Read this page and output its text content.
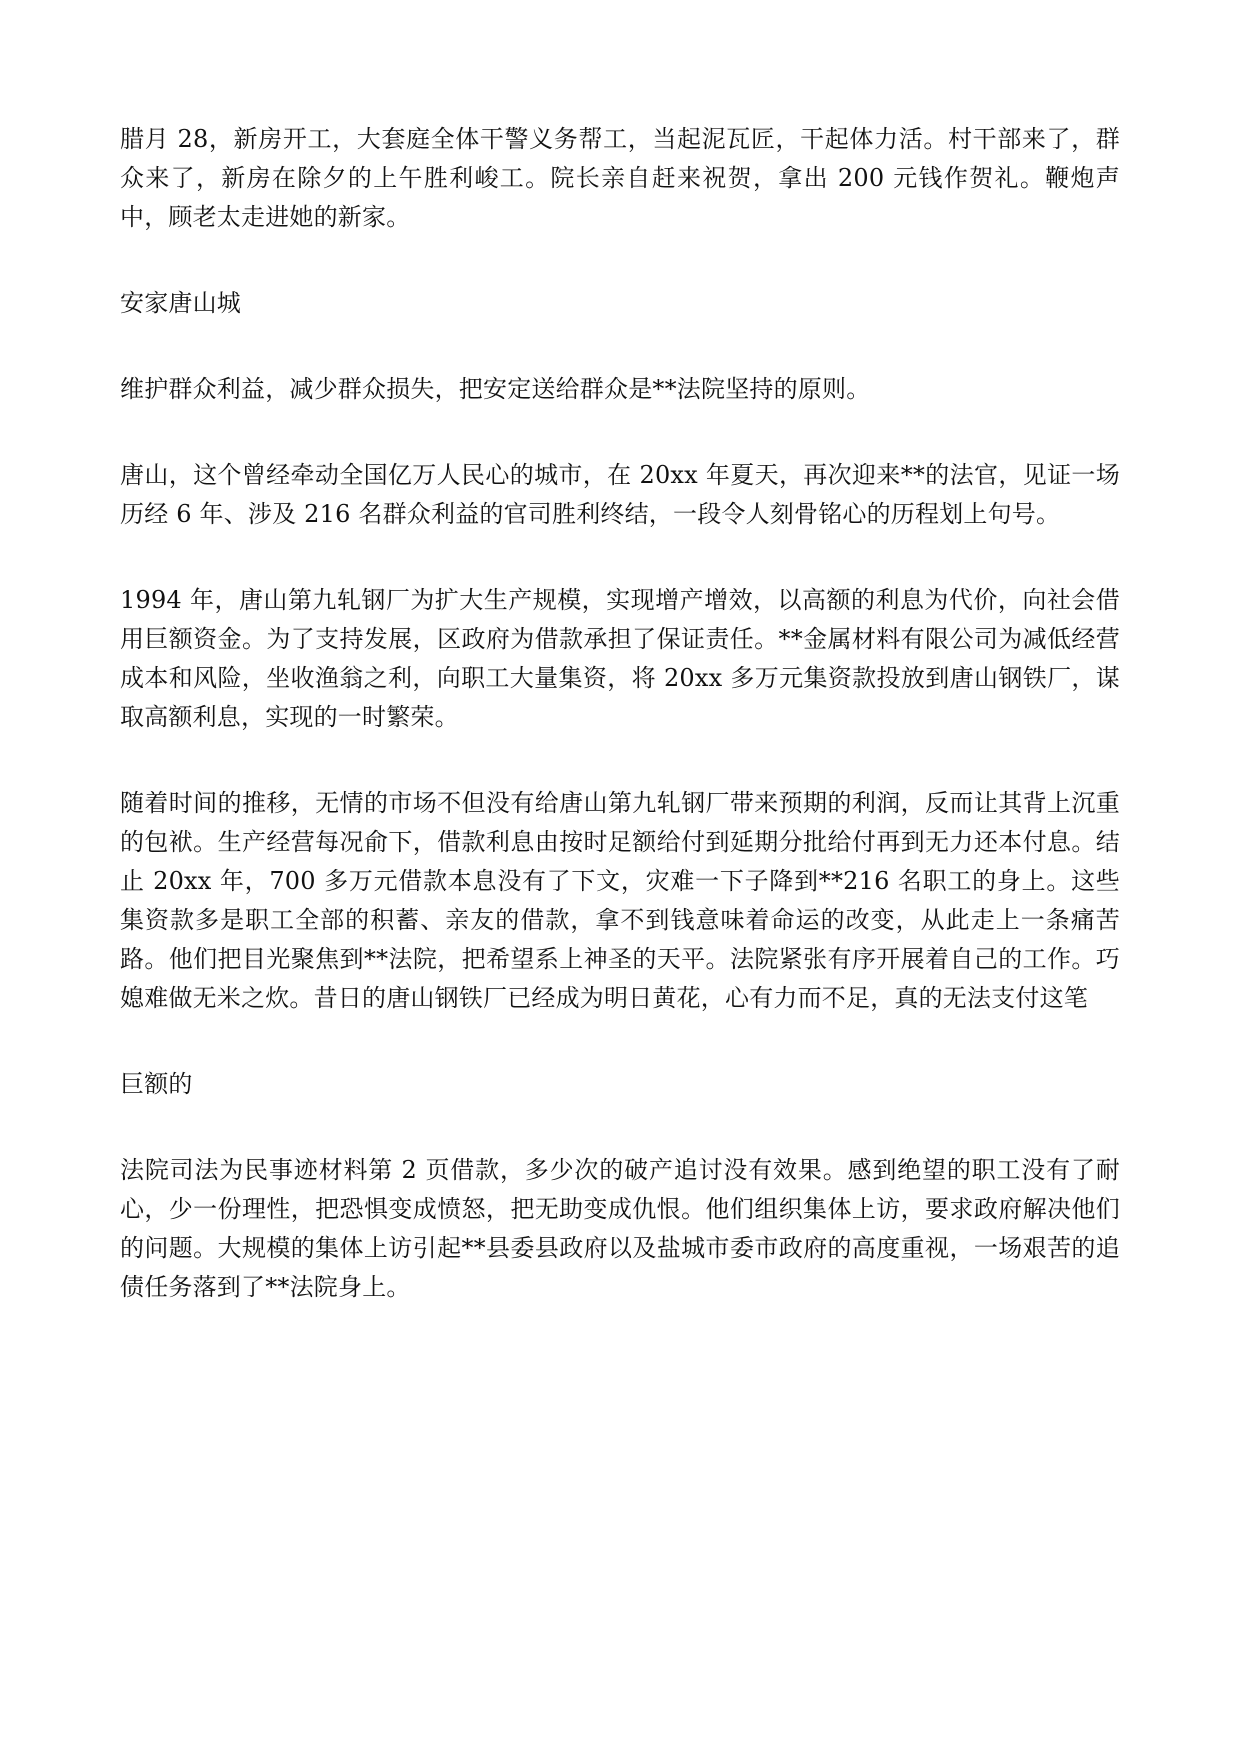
腊月 28，新房开工，大套庭全体干警义务帮工，当起泥瓦匠，干起体力活。村干部来了，群众来了，新房在除夕的上午胜利峻工。院长亲自赶来祝贺，拿出 200 元钱作贺礼。鞭炮声中，顾老太走进她的新家。

安家唐山城

维护群众利益，减少群众损失，把安定送给群众是**法院坚持的原则。

唐山，这个曾经牵动全国亿万人民心的城市，在 20xx 年夏天，再次迎来**的法官，见证一场历经 6 年、涉及 216 名群众利益的官司胜利终结，一段令人刻骨铭心的历程划上句号。

1994 年，唐山第九轧钢厂为扩大生产规模，实现增产增效，以高额的利息为代价，向社会借用巨额资金。为了支持发展，区政府为借款承担了保证责任。**金属材料有限公司为减低经营成本和风险，坐收渔翁之利，向职工大量集资，将 20xx 多万元集资款投放到唐山钢铁厂，谋取高额利息，实现的一时繁荣。

随着时间的推移，无情的市场不但没有给唐山第九轧钢厂带来预期的利润，反而让其背上沉重的包袱。生产经营每况俞下，借款利息由按时足额给付到延期分批给付再到无力还本付息。结止 20xx 年，700 多万元借款本息没有了下文，灾难一下子降到**216 名职工的身上。这些集资款多是职工全部的积蓄、亲友的借款，拿不到钱意味着命运的改变，从此走上一条痛苦路。他们把目光聚焦到**法院，把希望系上神圣的天平。法院紧张有序开展着自己的工作。巧媳难做无米之炊。昔日的唐山钢铁厂已经成为明日黄花，心有力而不足，真的无法支付这笔

巨额的

法院司法为民事迹材料第 2 页借款，多少次的破产追讨没有效果。感到绝望的职工没有了耐心，少一份理性，把恐惧变成愤怒，把无助变成仇恨。他们组织集体上访，要求政府解决他们的问题。大规模的集体上访引起**县委县政府以及盐城市委市政府的高度重视，一场艰苦的追债任务落到了**法院身上。
